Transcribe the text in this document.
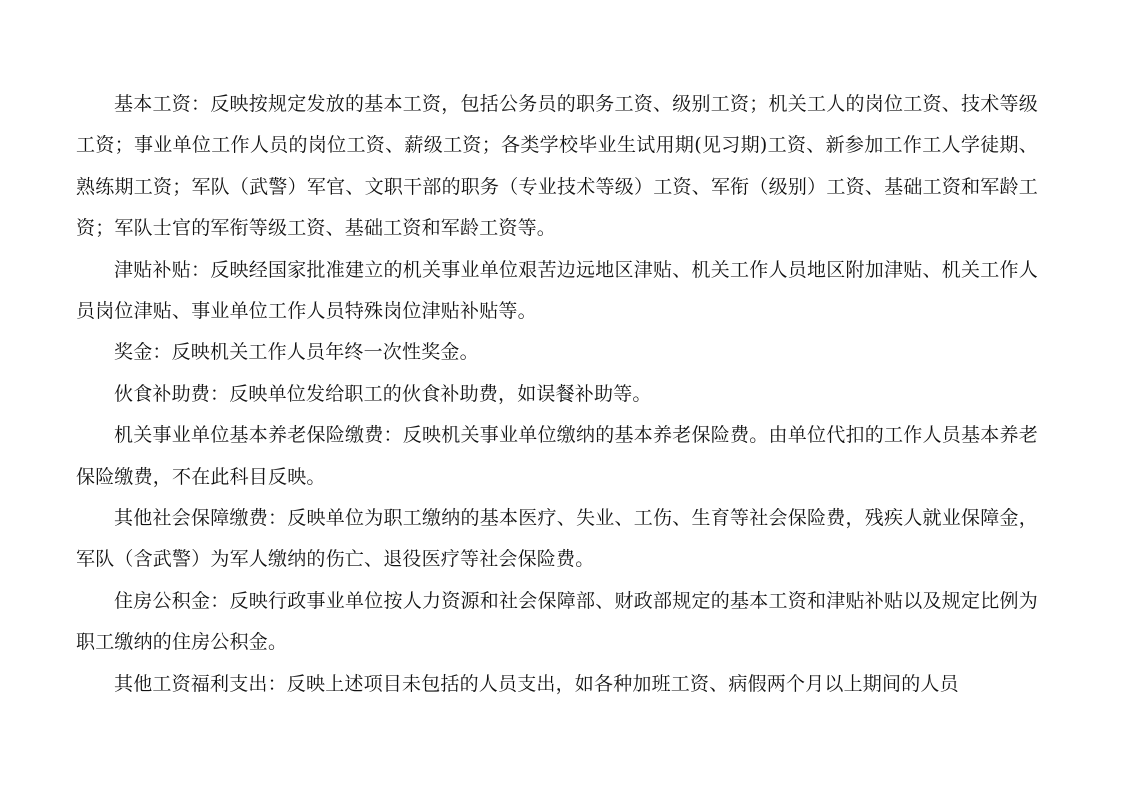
基本工资：反映按规定发放的基本工资，包括公务员的职务工资、级别工资；机关工人的岗位工资、技术等级工资；事业单位工作人员的岗位工资、薪级工资；各类学校毕业生试用期(见习期)工资、新参加工作工人学徒期、熟练期工资；军队（武警）军官、文职干部的职务（专业技术等级）工资、军衔（级别）工资、基础工资和军龄工资；军队士官的军衔等级工资、基础工资和军龄工资等。

津贴补贴：反映经国家批准建立的机关事业单位艰苦边远地区津贴、机关工作人员地区附加津贴、机关工作人员岗位津贴、事业单位工作人员特殊岗位津贴补贴等。

奖金：反映机关工作人员年终一次性奖金。

伙食补助费：反映单位发给职工的伙食补助费，如误餐补助等。

机关事业单位基本养老保险缴费：反映机关事业单位缴纳的基本养老保险费。由单位代扣的工作人员基本养老保险缴费，不在此科目反映。

其他社会保障缴费：反映单位为职工缴纳的基本医疗、失业、工伤、生育等社会保险费，残疾人就业保障金，军队（含武警）为军人缴纳的伤亡、退役医疗等社会保险费。

住房公积金：反映行政事业单位按人力资源和社会保障部、财政部规定的基本工资和津贴补贴以及规定比例为职工缴纳的住房公积金。

其他工资福利支出：反映上述项目未包括的人员支出，如各种加班工资、病假两个月以上期间的人员
